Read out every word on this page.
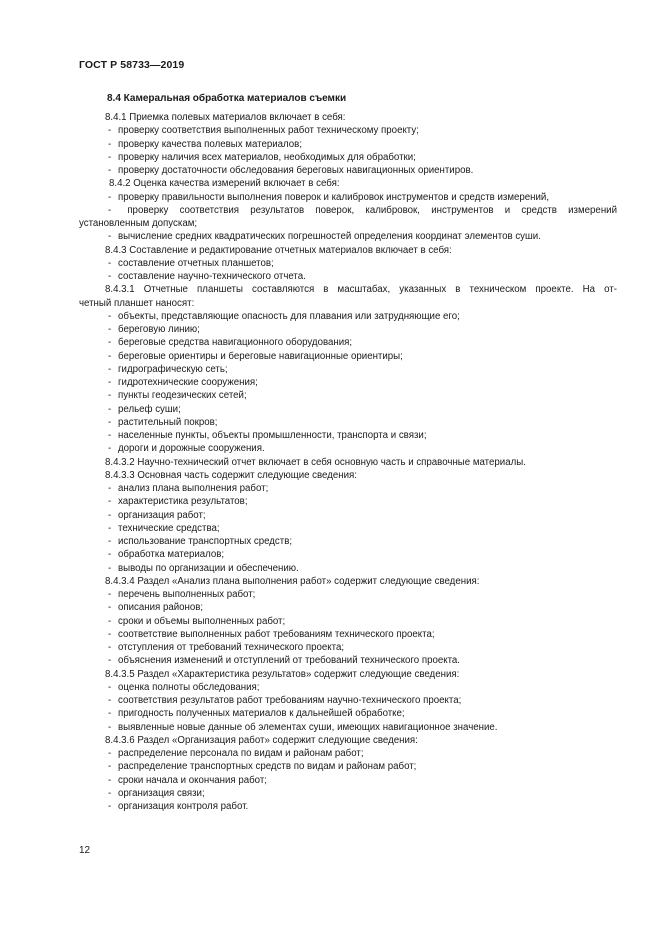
ГОСТ Р 58733—2019
8.4 Камеральная обработка материалов съемки
8.4.1 Приемка полевых материалов включает в себя:
- проверку соответствия выполненных работ техническому проекту;
- проверку качества полевых материалов;
- проверку наличия всех материалов, необходимых для обработки;
- проверку достаточности обследования береговых навигационных ориентиров.
8.4.2 Оценка качества измерений включает в себя:
- проверку правильности выполнения поверок и калибровок инструментов и средств измерений,
-  проверку соответствия результатов поверок, калибровок, инструментов и средств измерений
установленным допускам;
- вычисление средних квадратических погрешностей определения координат элементов суши.
8.4.3 Составление и редактирование отчетных материалов включает в себя:
- составление отчетных планшетов;
- составление научно-технического отчета.
8.4.3.1 Отчетные планшеты составляются в масштабах, указанных в техническом проекте. На от-
четный планшет наносят:
- объекты, представляющие опасность для плавания или затрудняющие его;
- береговую линию;
- береговые средства навигационного оборудования;
- береговые ориентиры и береговые навигационные ориентиры;
- гидрографическую сеть;
- гидротехнические сооружения;
- пункты геодезических сетей;
- рельеф суши;
- растительный покров;
- населенные пункты, объекты промышленности, транспорта и связи;
- дороги и дорожные сооружения.
8.4.3.2 Научно-технический отчет включает в себя основную часть и справочные материалы.
8.4.3.3 Основная часть содержит следующие сведения:
- анализ плана выполнения работ;
- характеристика результатов;
- организация работ;
- технические средства;
- использование транспортных средств;
- обработка материалов;
- выводы по организации и обеспечению.
8.4.3.4 Раздел «Анализ плана выполнения работ» содержит следующие сведения:
- перечень выполненных работ;
- описания районов;
- сроки и объемы выполненных работ;
- соответствие выполненных работ требованиям технического проекта;
- отступления от требований технического проекта;
- объяснения изменений и отступлений от требований технического проекта.
8.4.3.5 Раздел «Характеристика результатов» содержит следующие сведения:
- оценка полноты обследования;
- соответствия результатов работ требованиям научно-технического проекта;
- пригодность полученных материалов к дальнейшей обработке;
- выявленные новые данные об элементах суши, имеющих навигационное значение.
8.4.3.6 Раздел «Организация работ» содержит следующие сведения:
- распределение персонала по видам и районам работ;
- распределение транспортных средств по видам и районам работ;
- сроки начала и окончания работ;
- организация связи;
- организация контроля работ.
12
